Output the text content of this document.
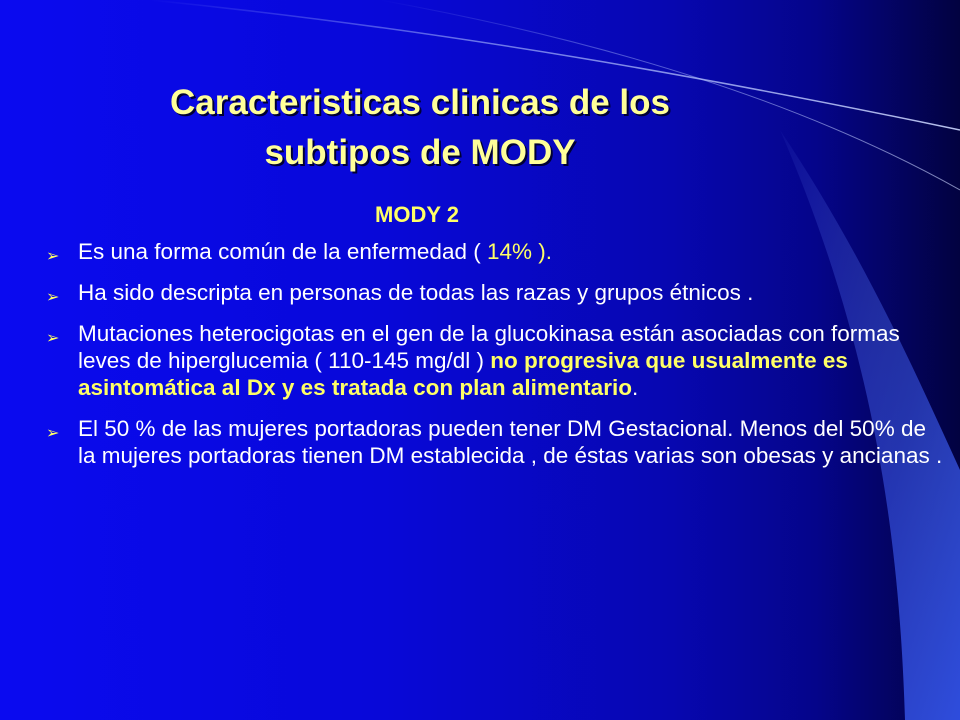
Caracteristicas clinicas de los
subtipos de MODY
MODY 2
➢ Es una forma común de la enfermedad ( 14% ).
➢ Ha sido descripta en personas de todas las razas y grupos étnicos .
➢ Mutaciones heterocigotas en el gen de la glucokinasa están asociadas con formas leves de hiperglucemia ( 110-145 mg/dl ) no progresiva que usualmente es asintomática al Dx y es tratada con plan alimentario.
➢ El 50 % de las mujeres portadoras pueden tener DM Gestacional. Menos del 50% de la mujeres portadoras tienen DM establecida , de éstas varias son obesas y ancianas .
